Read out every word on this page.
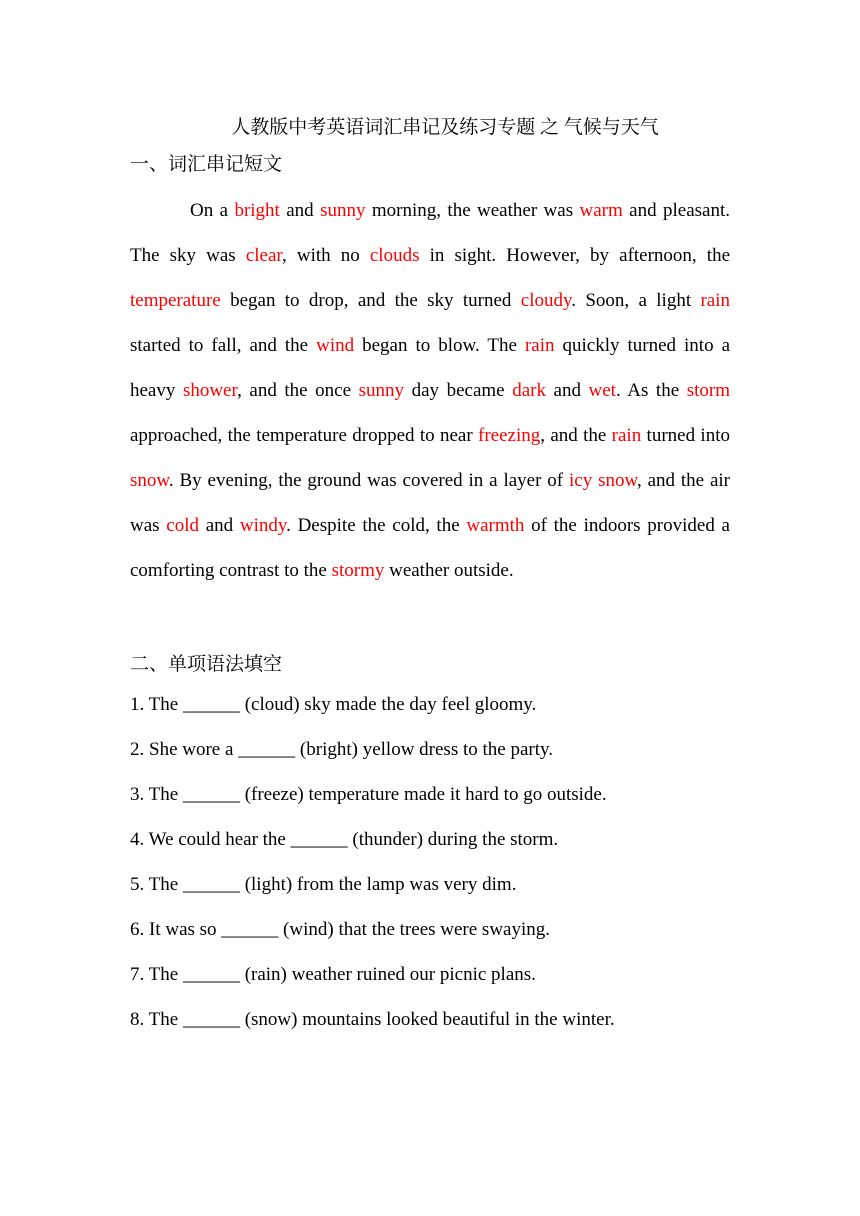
人教版中考英语词汇串记及练习专题 之 气候与天气

一、词汇串记短文

On a bright and sunny morning, the weather was warm and pleasant. The sky was clear, with no clouds in sight. However, by afternoon, the temperature began to drop, and the sky turned cloudy. Soon, a light rain started to fall, and the wind began to blow. The rain quickly turned into a heavy shower, and the once sunny day became dark and wet. As the storm approached, the temperature dropped to near freezing, and the rain turned into snow. By evening, the ground was covered in a layer of icy snow, and the air was cold and windy. Despite the cold, the warmth of the indoors provided a comforting contrast to the stormy weather outside.

二、单项语法填空

1. The ______ (cloud) sky made the day feel gloomy.

2. She wore a ______ (bright) yellow dress to the party.

3. The ______ (freeze) temperature made it hard to go outside.

4. We could hear the ______ (thunder) during the storm.

5. The ______ (light) from the lamp was very dim.

6. It was so ______ (wind) that the trees were swaying.

7. The ______ (rain) weather ruined our picnic plans.

8. The ______ (snow) mountains looked beautiful in the winter.
